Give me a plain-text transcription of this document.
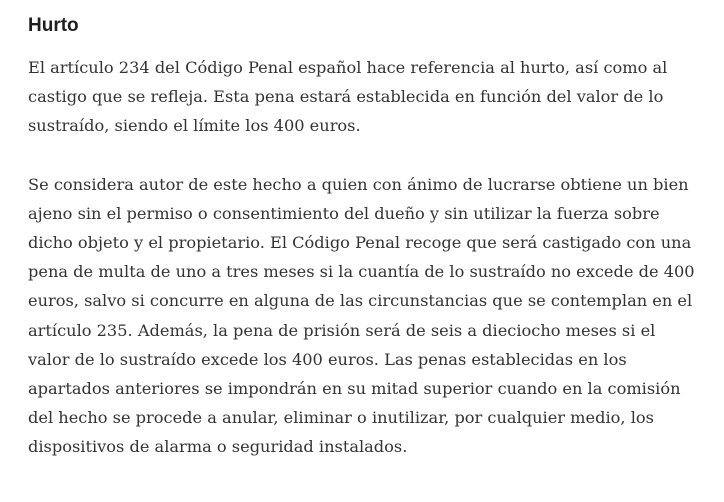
Hurto

El artículo 234 del Código Penal español hace referencia al hurto, así como al castigo que se refleja. Esta pena estará establecida en función del valor de lo sustraído, siendo el límite los 400 euros.

Se considera autor de este hecho a quien con ánimo de lucrarse obtiene un bien ajeno sin el permiso o consentimiento del dueño y sin utilizar la fuerza sobre dicho objeto y el propietario. El Código Penal recoge que será castigado con una pena de multa de uno a tres meses si la cuantía de lo sustraído no excede de 400 euros, salvo si concurre en alguna de las circunstancias que se contemplan en el artículo 235. Además, la pena de prisión será de seis a dieciocho meses si el valor de lo sustraído excede los 400 euros. Las penas establecidas en los apartados anteriores se impondrán en su mitad superior cuando en la comisión del hecho se procede a anular, eliminar o inutilizar, por cualquier medio, los dispositivos de alarma o seguridad instalados.
